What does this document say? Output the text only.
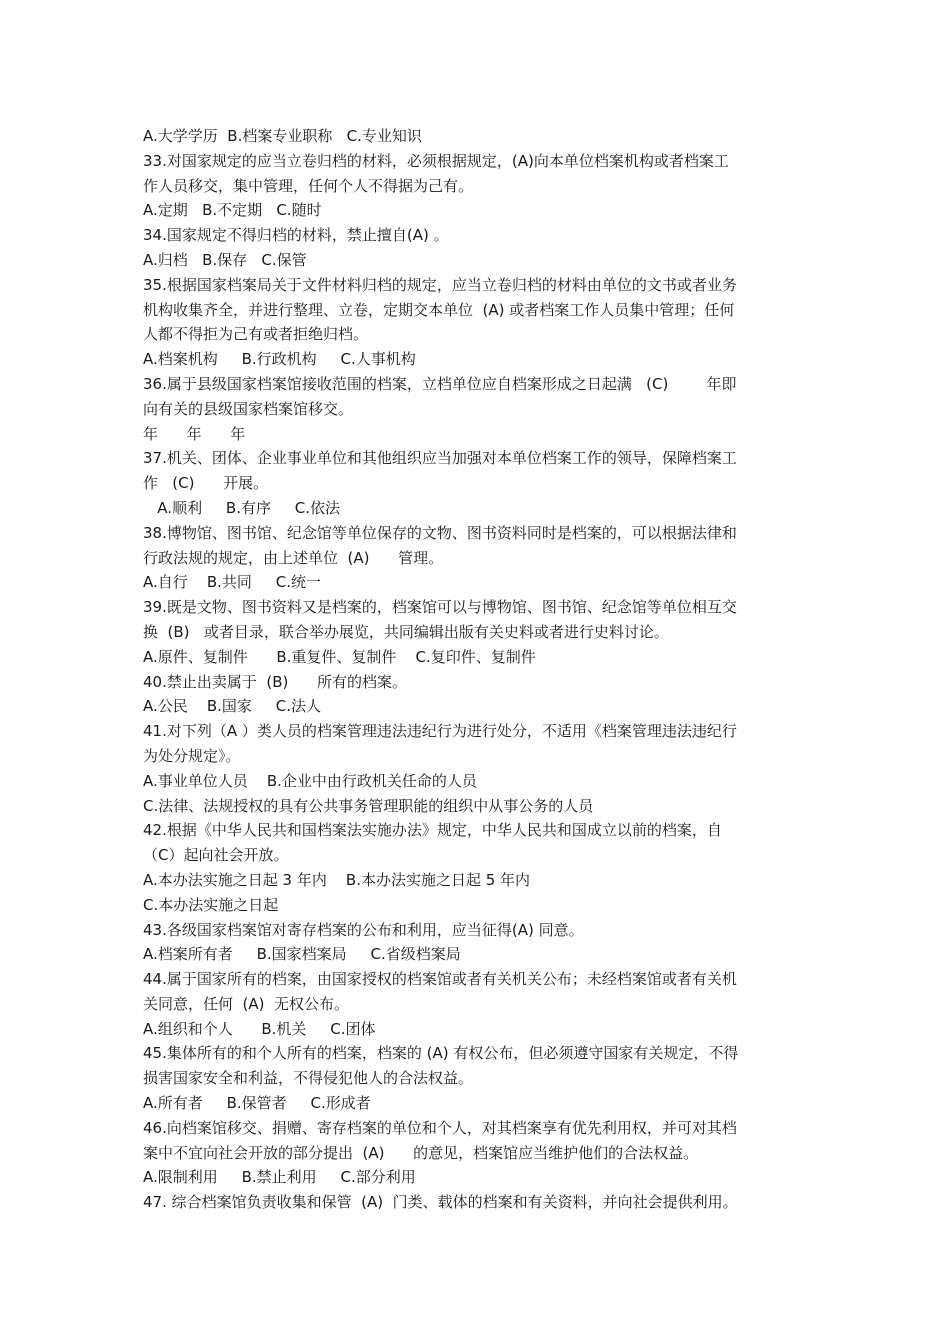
A.大学学历  B.档案专业职称   C.专业知识
33.对国家规定的应当立卷归档的材料，必须根据规定，(A)向本单位档案机构或者档案工
作人员移交，集中管理，任何个人不得据为己有。
A.定期   B.不定期   C.随时
34.国家规定不得归档的材料，禁止擅自(A) 。
A.归档   B.保存   C.保管
35.根据国家档案局关于文件材料归档的规定，应当立卷归档的材料由单位的文书或者业务
机构收集齐全，并进行整理、立卷，定期交本单位  (A) 或者档案工作人员集中管理；任何
人都不得拒为己有或者拒绝归档。
A.档案机构     B.行政机构     C.人事机构
36.属于县级国家档案馆接收范围的档案，立档单位应自档案形成之日起满   (C)        年即
向有关的县级国家档案馆移交。
年      年      年
37.机关、团体、企业事业单位和其他组织应当加强对本单位档案工作的领导，保障档案工
作   (C)      开展。
A.顺利     B.有序     C.依法
38.博物馆、图书馆、纪念馆等单位保存的文物、图书资料同时是档案的，可以根据法律和
行政法规的规定，由上述单位  (A)      管理。
A.自行    B.共同     C.统一
39.既是文物、图书资料又是档案的，档案馆可以与博物馆、图书馆、纪念馆等单位相互交
换  (B)   或者目录，联合举办展览，共同编辑出版有关史料或者进行史料讨论。
A.原件、复制件      B.重复件、复制件    C.复印件、复制件
40.禁止出卖属于  (B)      所有的档案。
A.公民    B.国家     C.法人
41.对下列（A ）类人员的档案管理违法违纪行为进行处分，不适用《档案管理违法违纪行
为处分规定》。
A.事业单位人员    B.企业中由行政机关任命的人员
C.法律、法规授权的具有公共事务管理职能的组织中从事公务的人员
42.根据《中华人民共和国档案法实施办法》规定，中华人民共和国成立以前的档案，自
（C）起向社会开放。
A.本办法实施之日起 3 年内    B.本办法实施之日起 5 年内
C.本办法实施之日起
43.各级国家档案馆对寄存档案的公布和利用，应当征得(A) 同意。
A.档案所有者     B.国家档案局     C.省级档案局
44.属于国家所有的档案，由国家授权的档案馆或者有关机关公布；未经档案馆或者有关机
关同意，任何  (A)  无权公布。
A.组织和个人      B.机关     C.团体
45.集体所有的和个人所有的档案，档案的 (A) 有权公布，但必须遵守国家有关规定，不得
损害国家安全和利益，不得侵犯他人的合法权益。
A.所有者     B.保管者     C.形成者
46.向档案馆移交、捐赠、寄存档案的单位和个人，对其档案享有优先利用权，并可对其档
案中不宜向社会开放的部分提出  (A)      的意见，档案馆应当维护他们的合法权益。
A.限制利用     B.禁止利用     C.部分利用
47. 综合档案馆负责收集和保管  (A)  门类、载体的档案和有关资料，并向社会提供利用。
